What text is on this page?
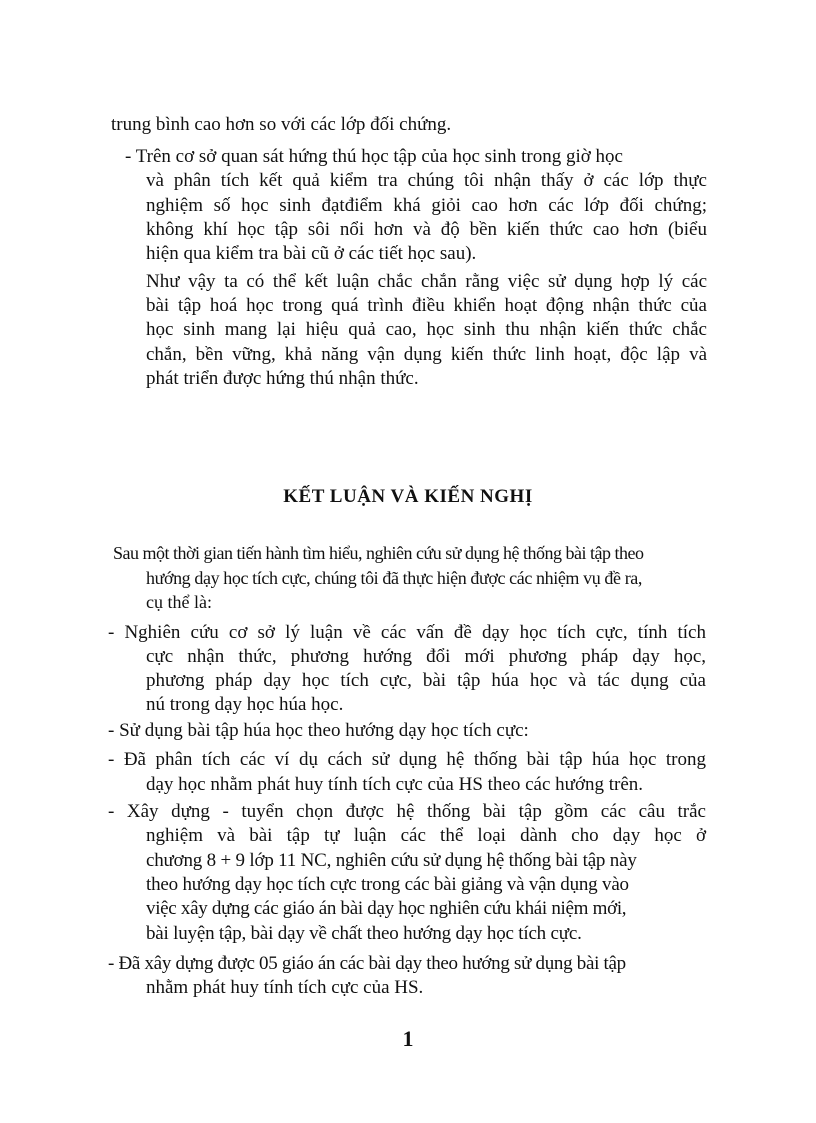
trung bình cao hơn so với các lớp đối chứng.
- Trên cơ sở quan sát hứng thú học tập của học sinh trong giờ học
và phân tích kết quả kiểm tra chúng tôi nhận thấy ở các lớp thực
nghiệm số học sinh đạtđiểm khá giỏi cao hơn các lớp đối chứng;
không khí học tập sôi nổi hơn và độ bền kiến thức cao hơn (biểu
hiện qua kiểm tra bài cũ ở các tiết học sau).
Như vậy ta có thể kết luận chắc chắn rằng việc sử dụng hợp lý các
bài tập hoá học trong quá trình điều khiển hoạt động nhận thức của
học sinh mang lại hiệu quả cao, học sinh thu nhận kiến thức chắc
chắn, bền vững, khả năng vận dụng kiến thức linh hoạt, độc lập và
phát triển được hứng thú nhận thức.
KẾT LUẬN VÀ KIẾN NGHỊ
Sau một thời gian tiến hành tìm hiểu, nghiên cứu sử dụng hệ thống bài tập theo
hướng dạy học tích cực, chúng tôi đã thực hiện được các nhiệm vụ đề ra,
cụ thể là:
- Nghiên cứu cơ sở lý luận về các vấn đề dạy học tích cực, tính tích
cực nhận thức, phương hướng đổi mới phương pháp dạy học,
phương pháp dạy học tích cực, bài tập húa học và tác dụng của
nú trong dạy học húa học.
- Sử dụng bài tập húa học theo hướng dạy học tích cực:
- Đã phân tích các ví dụ cách sử dụng hệ thống bài tập húa học trong
dạy học nhằm phát huy tính tích cực của HS theo các hướng trên.
- Xây dựng - tuyển chọn được hệ thống bài tập gồm các câu trắc
nghiệm và bài tập tự luận các thể loại dành cho dạy học ở
chương 8 + 9 lớp 11 NC, nghiên cứu sử dụng hệ thống bài tập này
theo hướng dạy học tích cực trong các bài giảng và vận dụng vào
việc xây dựng các giáo án bài dạy học nghiên cứu khái niệm mới,
bài luyện tập, bài dạy về chất theo hướng dạy học tích cực.
- Đã xây dựng được 05 giáo án các bài dạy theo hướng sử dụng bài tập
nhằm phát huy tính tích cực của HS.
1
